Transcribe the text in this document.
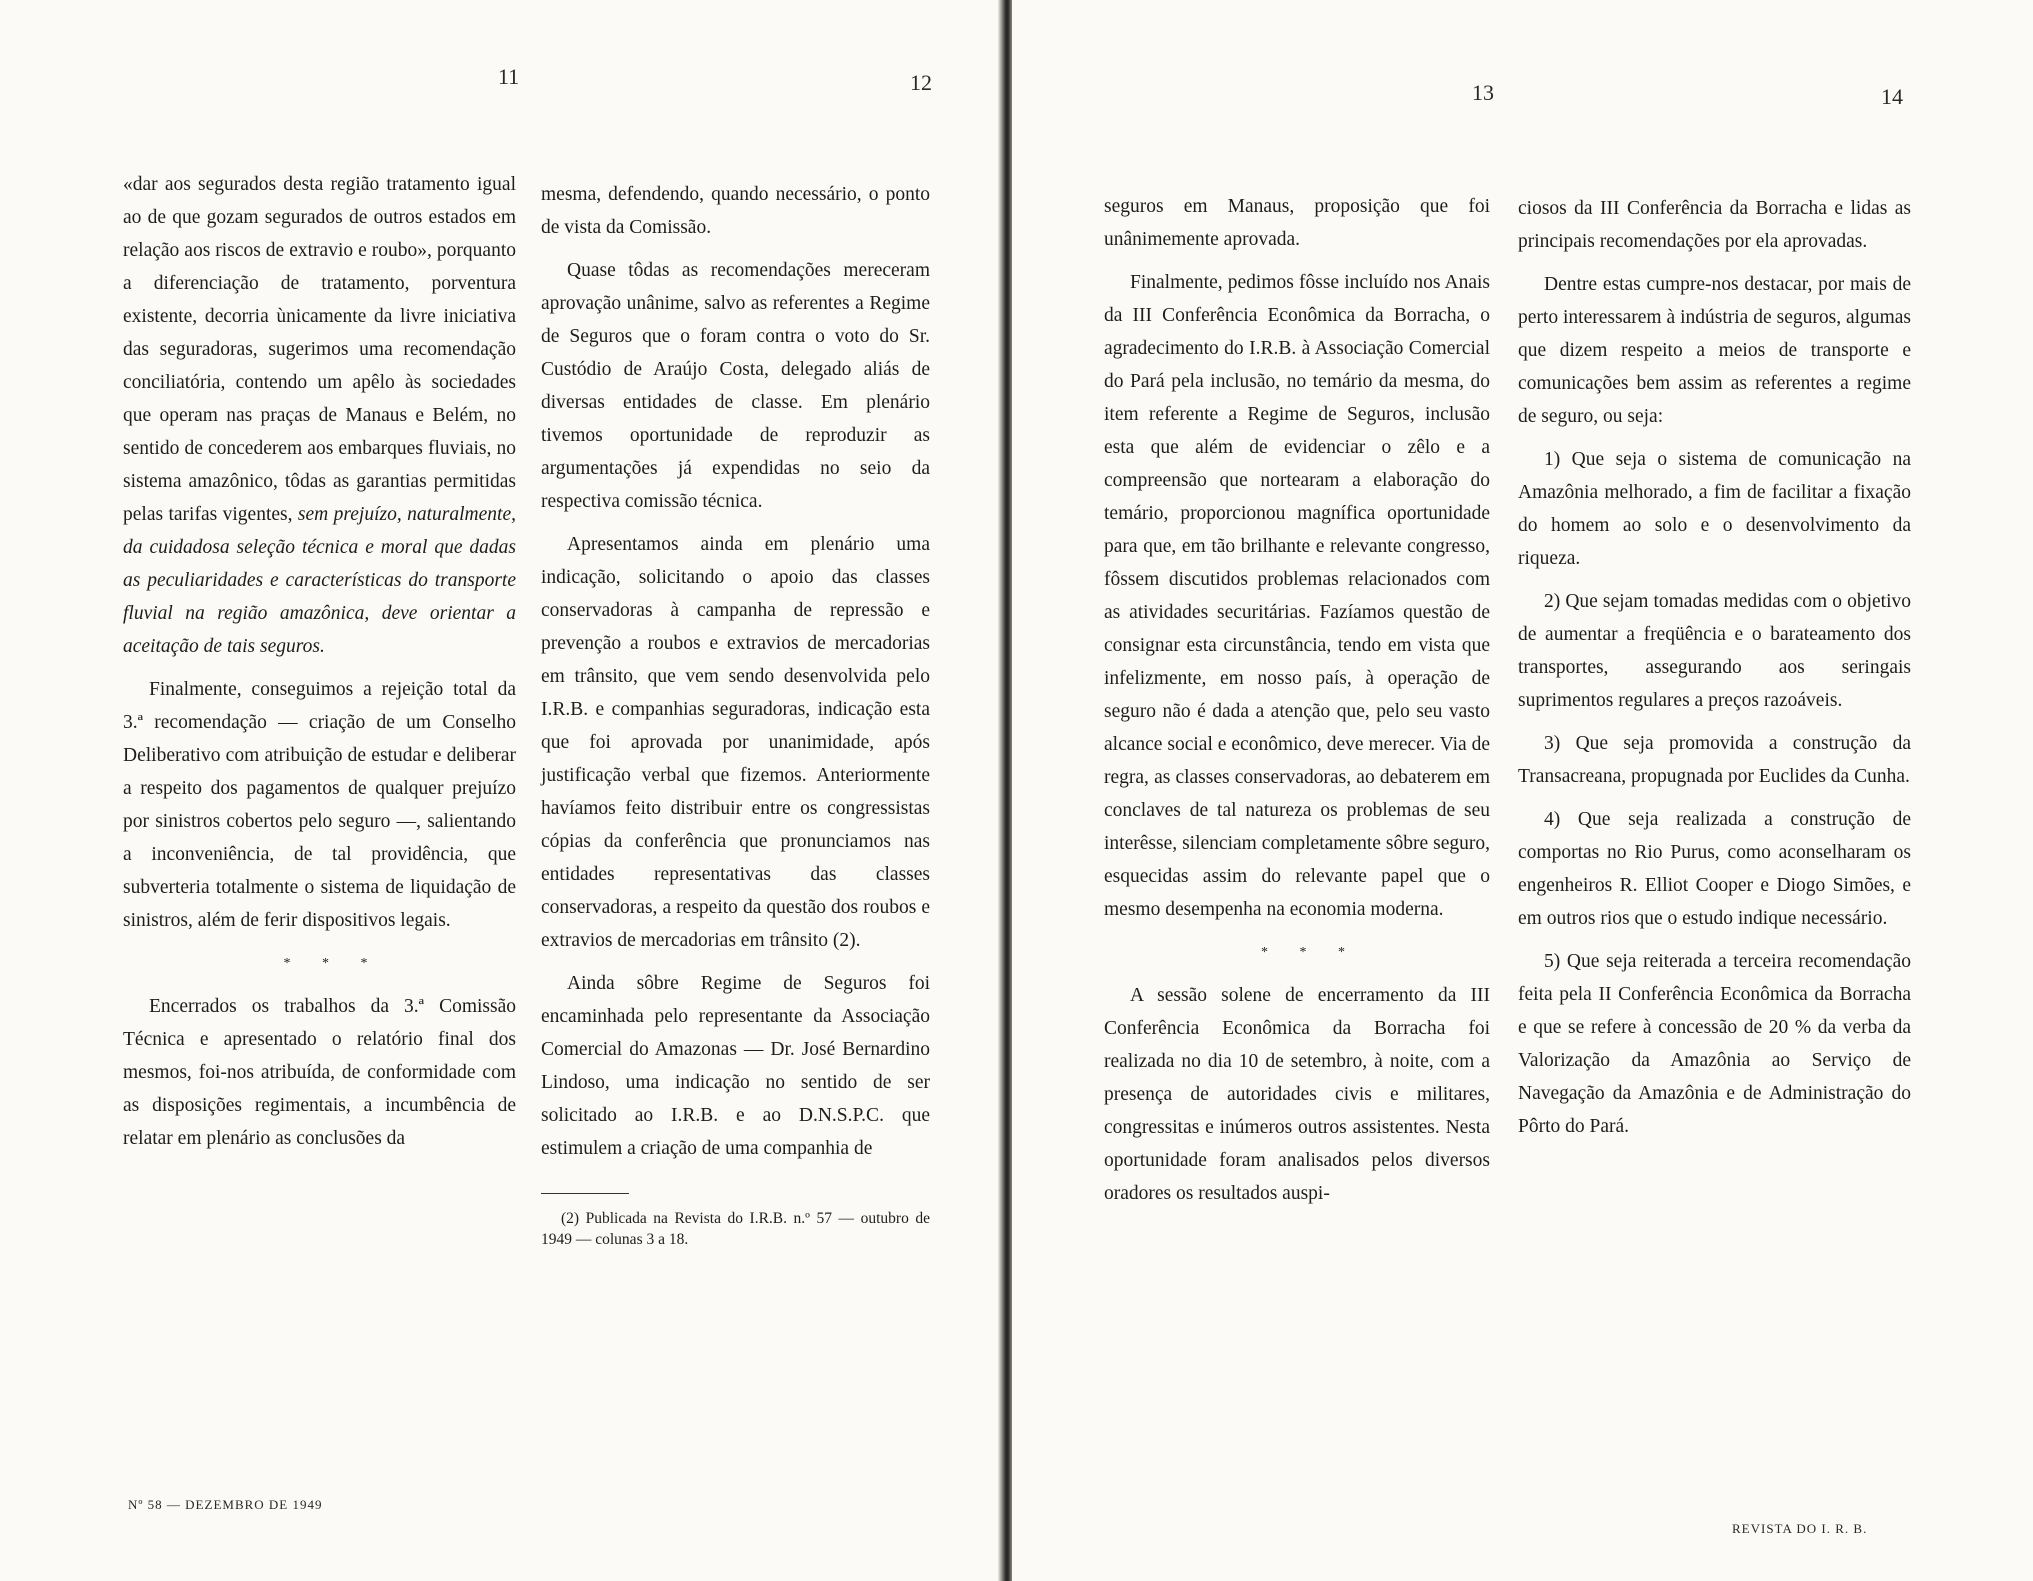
11	12

«dar aos segurados desta região tratamento igual ao de que gozam segurados de outros estados em relação aos riscos de extravio e roubo», porquanto a diferenciação de tratamento, porventura existente, decorria ùnicamente da livre iniciativa das seguradoras, sugerimos uma recomendação conciliatória, contendo um apêlo às sociedades que operam nas praças de Manaus e Belém, no sentido de concederem aos embarques fluviais, no sistema amazônico, tôdas as garantias permitidas pelas tarifas vigentes, sem prejuízo, naturalmente, da cuidadosa seleção técnica e moral que dadas as peculiaridades e características do transporte fluvial na região amazônica, deve orientar a aceitação de tais seguros.

Finalmente, conseguimos a rejeição total da 3.ª recomendação — criação de um Conselho Deliberativo com atribuição de estudar e deliberar a respeito dos pagamentos de qualquer prejuízo por sinistros cobertos pelo seguro —, salientando a inconveniência, de tal providência, que subverteria totalmente o sistema de liquidação de sinistros, além de ferir dispositivos legais.

* * *

Encerrados os trabalhos da 3.ª Comissão Técnica e apresentado o relatório final dos mesmos, foi-nos atribuída, de conformidade com as disposições regimentais, a incumbência de relatar em plenário as conclusões da

mesma, defendendo, quando necessário, o ponto de vista da Comissão.

Quase tôdas as recomendações mereceram aprovação unânime, salvo as referentes a Regime de Seguros que o foram contra o voto do Sr. Custódio de Araújo Costa, delegado aliás de diversas entidades de classe. Em plenário tivemos oportunidade de reproduzir as argumentações já expendidas no seio da respectiva comissão técnica.

Apresentamos ainda em plenário uma indicação, solicitando o apoio das classes conservadoras à campanha de repressão e prevenção a roubos e extravios de mercadorias em trânsito, que vem sendo desenvolvida pelo I.R.B. e companhias seguradoras, indicação esta que foi aprovada por unanimidade, após justificação verbal que fizemos. Anteriormente havíamos feito distribuir entre os congressistas cópias da conferência que pronunciamos nas entidades representativas das classes conservadoras, a respeito da questão dos roubos e extravios de mercadorias em trânsito (2).

Ainda sôbre Regime de Seguros foi encaminhada pelo representante da Associação Comercial do Amazonas — Dr. José Bernardino Lindoso, uma indicação no sentido de ser solicitado ao I.R.B. e ao D.N.S.P.C. que estimulem a criação de uma companhia de

(2) Publicada na Revista do I.R.B. n.º 57 — outubro de 1949 — colunas 3 a 18.
Nº 58 — DEZEMBRO DE 1949
13	14

seguros em Manaus, proposição que foi unânimemente aprovada.

Finalmente, pedimos fôsse incluído nos Anais da III Conferência Econômica da Borracha, o agradecimento do I.R.B. à Associação Comercial do Pará pela inclusão, no temário da mesma, do item referente a Regime de Seguros, inclusão esta que além de evidenciar o zêlo e a compreensão que nortearam a elaboração do temário, proporcionou magnífica oportunidade para que, em tão brilhante e relevante congresso, fôssem discutidos problemas relacionados com as atividades securitárias. Fazíamos questão de consignar esta circunstância, tendo em vista que infelizmente, em nosso país, à operação de seguro não é dada a atenção que, pelo seu vasto alcance social e econômico, deve merecer. Via de regra, as classes conservadoras, ao debaterem em conclaves de tal natureza os problemas de seu interêsse, silenciam completamente sôbre seguro, esquecidas assim do relevante papel que o mesmo desempenha na economia moderna.

* * *

A sessão solene de encerramento da III Conferência Econômica da Borracha foi realizada no dia 10 de setembro, à noite, com a presença de autoridades civis e militares, congressitas e inúmeros outros assistentes. Nesta oportunidade foram analisados pelos diversos oradores os resultados auspi-

ciosos da III Conferência da Borracha e lidas as principais recomendações por ela aprovadas.

Dentre estas cumpre-nos destacar, por mais de perto interessarem à indústria de seguros, algumas que dizem respeito a meios de transporte e comunicações bem assim as referentes a regime de seguro, ou seja:

1) Que seja o sistema de comunicação na Amazônia melhorado, a fim de facilitar a fixação do homem ao solo e o desenvolvimento da riqueza.

2) Que sejam tomadas medidas com o objetivo de aumentar a freqüência e o barateamento dos transportes, assegurando aos seringais suprimentos regulares a preços razoáveis.

3) Que seja promovida a construção da Transacreana, propugnada por Euclides da Cunha.

4) Que seja realizada a construção de comportas no Rio Purus, como aconselharam os engenheiros R. Elliot Cooper e Diogo Simões, e em outros rios que o estudo indique necessário.

5) Que seja reiterada a terceira recomendação feita pela II Conferência Econômica da Borracha e que se refere à concessão de 20 % da verba da Valorização da Amazônia ao Serviço de Navegação da Amazônia e de Administração do Pôrto do Pará.

REVISTA DO I. R. B.
